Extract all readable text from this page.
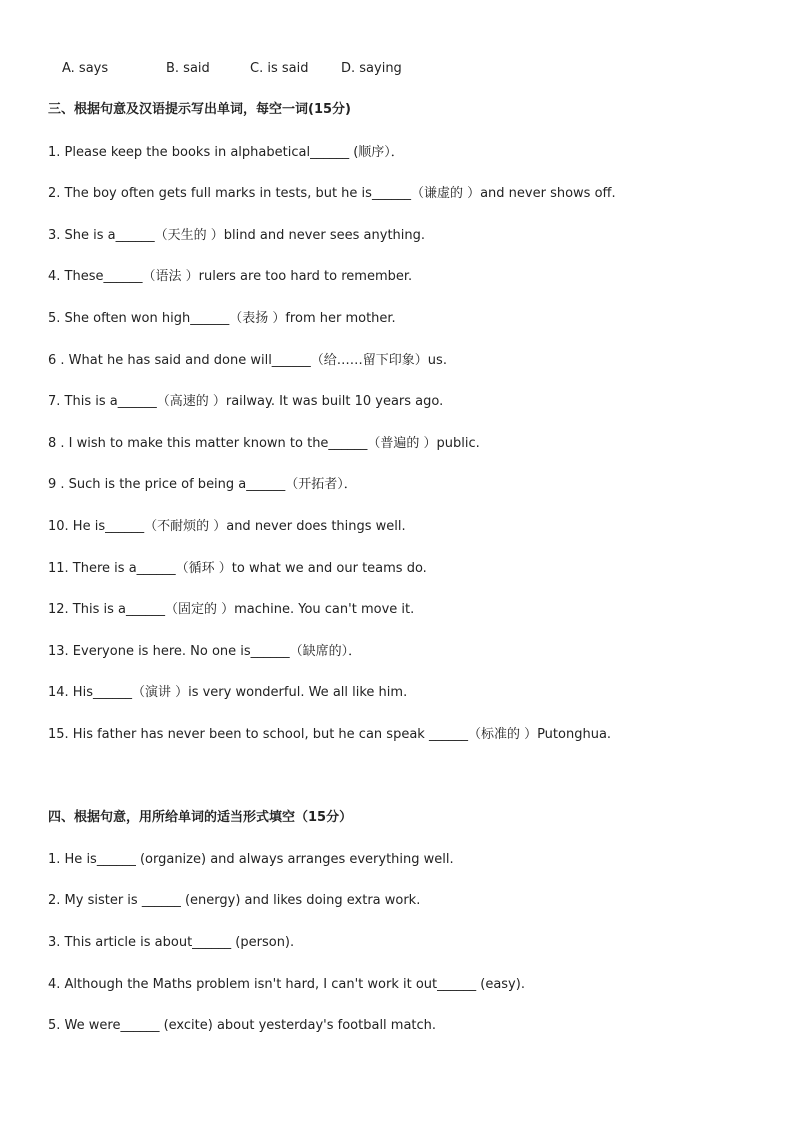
A. says	B. said	C. is said	D. saying
三、根据句意及汉语提示写出单词，每空一词(15分)
1. Please keep the books in alphabetical______ (顺序）．
2. The boy often gets full marks in tests, but he is______（谦虚的 ）and never shows off.
3. She is a______（天生的 ）blind and never sees anything.
4. These______（语法 ）rulers are too hard to remember.
5. She often won high______（表扬 ）from her mother.
6 . What he has said and done will______（给……留下印象）us.
7. This is a______（高速的 ）railway. It was built 10 years ago.
8 . I wish to make this matter known to the______（普遍的 ）public.
9 . Such is the price of being a______（开拓者）．
10. He is______（不耐烦的 ）and never does things well.
11. There is a______（循环 ）to what we and our teams do.
12. This is a______（固定的 ）machine. You can't move it.
13. Everyone is here. No one is______（缺席的）．
14. His______（演讲 ）is very wonderful. We all like him.
15. His father has never been to school, but he can speak ______（标准的 ）Putonghua.
四、根据句意，用所给单词的适当形式填空（15分）
1. He is______ (organize) and always arranges everything well.
2. My sister is ______ (energy) and likes doing extra work.
3. This article is about______ (person).
4. Although the Maths problem isn't hard, I can't work it out______ (easy).
5. We were______ (excite) about yesterday's football match.
